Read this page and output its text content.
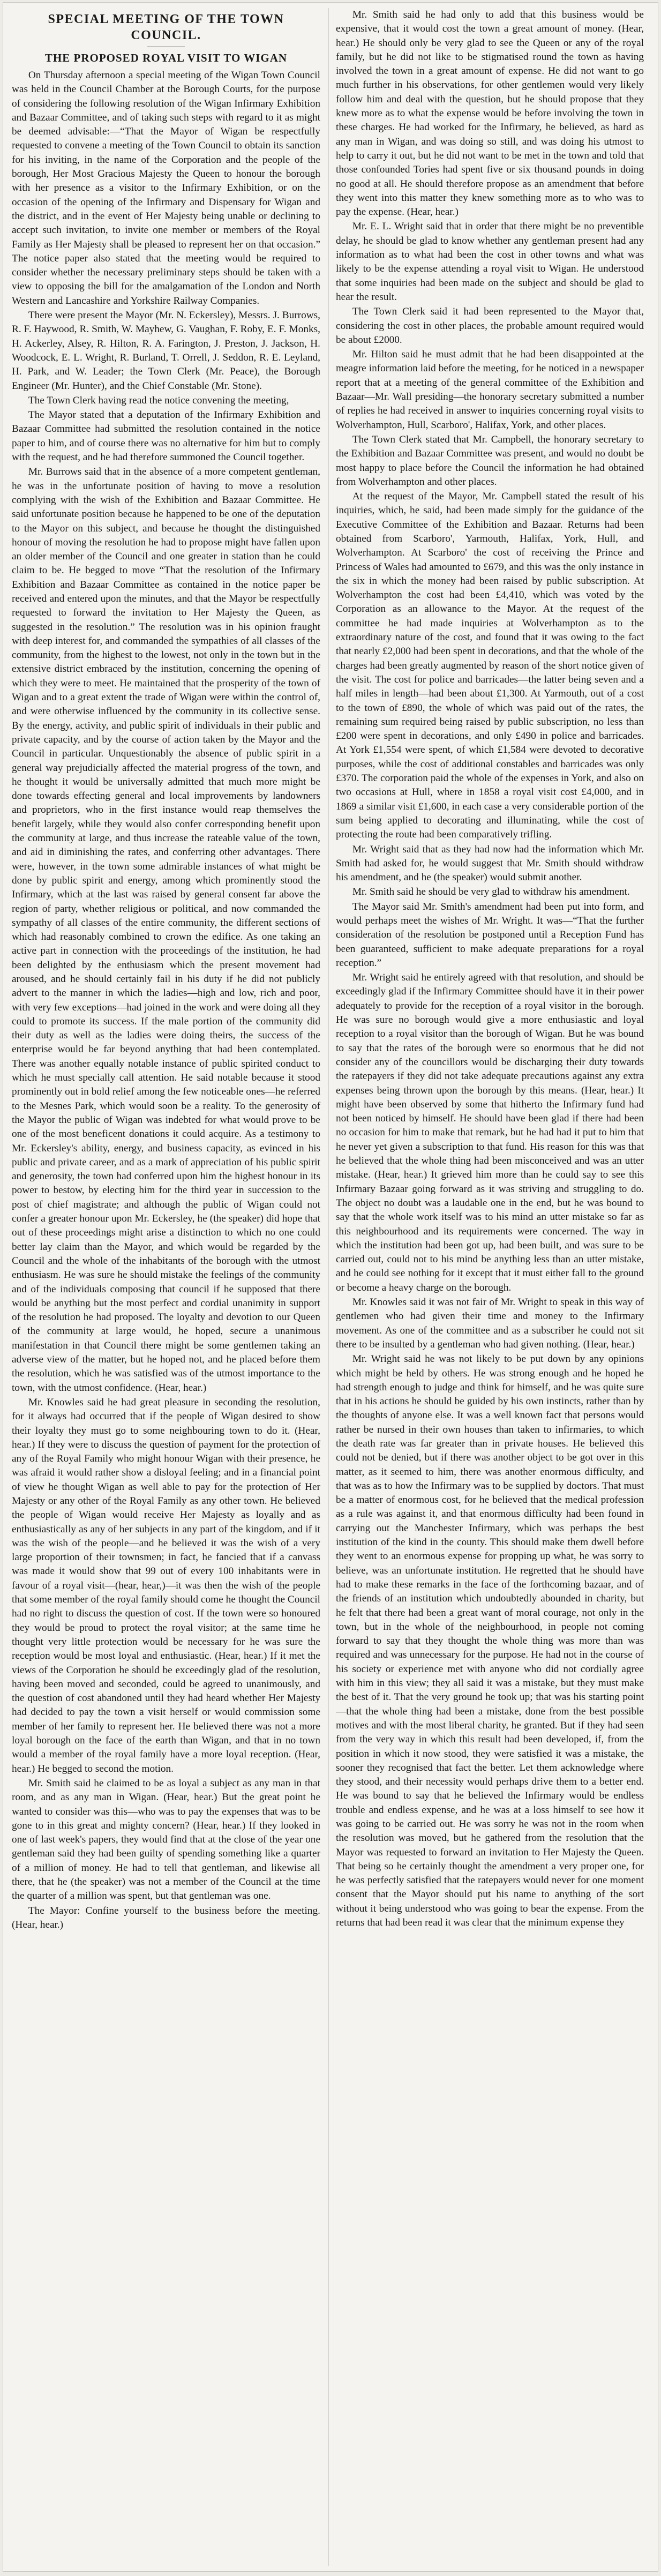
SPECIAL MEETING OF THE TOWN COUNCIL.
THE PROPOSED ROYAL VISIT TO WIGAN

On Thursday afternoon a special meeting of the Wigan Town Council was held in the Council Chamber at the Borough Courts, for the purpose of considering the following resolution of the Wigan Infirmary Exhibition and Bazaar Committee, and of taking such steps with regard to it as might be deemed advisable:—“That the Mayor of Wigan be respectfully requested to convene a meeting of the Town Council to obtain its sanction for his inviting, in the name of the Corporation and the people of the borough, Her Most Gracious Majesty the Queen to honour the borough with her presence as a visitor to the Infirmary Exhibition, or on the occasion of the opening of the Infirmary and Dispensary for Wigan and the district, and in the event of Her Majesty being unable or declining to accept such invitation, to invite one member or members of the Royal Family as Her Majesty shall be pleased to represent her on that occasion.” The notice paper also stated that the meeting would be required to consider whether the necessary preliminary steps should be taken with a view to opposing the bill for the amalgamation of the London and North Western and Lancashire and Yorkshire Railway Companies.

There were present the Mayor (Mr. N. Eckersley), Messrs. J. Burrows, R. F. Haywood, R. Smith, W. Mayhew, G. Vaughan, F. Roby, E. F. Monks, H. Ackerley, Alsey, R. Hilton, R. A. Farington, J. Preston, J. Jackson, H. Woodcock, E. L. Wright, R. Burland, T. Orrell, J. Seddon, R. E. Leyland, H. Park, and W. Leader; the Town Clerk (Mr. Peace), the Borough Engineer (Mr. Hunter), and the Chief Constable (Mr. Stone).

The Town Clerk having read the notice convening the meeting,

The Mayor stated that a deputation of the Infirmary Exhibition and Bazaar Committee had submitted the resolution contained in the notice paper to him, and of course there was no alternative for him but to comply with the request, and he had therefore summoned the Council together.

Mr. Burrows said that in the absence of a more competent gentleman, he was in the unfortunate position of having to move a resolution complying with the wish of the Exhibition and Bazaar Committee. He said unfortunate position because he happened to be one of the deputation to the Mayor on this subject, and because he thought the distinguished honour of moving the resolution he had to propose might have fallen upon an older member of the Council and one greater in station than he could claim to be. He begged to move “That the resolution of the Infirmary Exhibition and Bazaar Committee as contained in the notice paper be received and entered upon the minutes, and that the Mayor be respectfully requested to forward the invitation to Her Majesty the Queen, as suggested in the resolution.” The resolution was in his opinion fraught with deep interest for, and commanded the sympathies of all classes of the community, from the highest to the lowest, not only in the town but in the extensive district embraced by the institution, concerning the opening of which they were to meet. He maintained that the prosperity of the town of Wigan and to a great extent the trade of Wigan were within the control of, and were otherwise influenced by the community in its collective sense. By the energy, activity, and public spirit of individuals in their public and private capacity, and by the course of action taken by the Mayor and the Council in particular. Unquestionably the absence of public spirit in a general way prejudicially affected the material progress of the town, and he thought it would be universally admitted that much more might be done towards effecting general and local improvements by landowners and proprietors, who in the first instance would reap themselves the benefit largely, while they would also confer corresponding benefit upon the community at large, and thus increase the rateable value of the town, and aid in diminishing the rates, and conferring other advantages. There were, however, in the town some admirable instances of what might be done by public spirit and energy, among which prominently stood the Infirmary, which at the last was raised by general consent far above the region of party, whether religious or political, and now commanded the sympathy of all classes of the entire community, the different sections of which had reasonably combined to crown the edifice. As one taking an active part in connection with the proceedings of the institution, he had been delighted by the enthusiasm which the present movement had aroused, and he should certainly fail in his duty if he did not publicly advert to the manner in which the ladies—high and low, rich and poor, with very few exceptions—had joined in the work and were doing all they could to promote its success. If the male portion of the community did their duty as well as the ladies were doing theirs, the success of the enterprise would be far beyond anything that had been contemplated. There was another equally notable instance of public spirited conduct to which he must specially call attention. He said notable because it stood prominently out in bold relief among the few noticeable ones—he referred to the Mesnes Park, which would soon be a reality. To the generosity of the Mayor the public of Wigan was indebted for what would prove to be one of the most beneficent donations it could acquire. As a testimony to Mr. Eckersley's ability, energy, and business capacity, as evinced in his public and private career, and as a mark of appreciation of his public spirit and generosity, the town had conferred upon him the highest honour in its power to bestow, by electing him for the third year in succession to the post of chief magistrate; and although the public of Wigan could not confer a greater honour upon Mr. Eckersley, he (the speaker) did hope that out of these proceedings might arise a distinction to which no one could better lay claim than the Mayor, and which would be regarded by the Council and the whole of the inhabitants of the borough with the utmost enthusiasm. He was sure he should mistake the feelings of the community and of the individuals composing that council if he supposed that there would be anything but the most perfect and cordial unanimity in support of the resolution he had proposed. The loyalty and devotion to our Queen of the community at large would, he hoped, secure a unanimous manifestation in that Council there might be some gentlemen taking an adverse view of the matter, but he hoped not, and he placed before them the resolution, which he was satisfied was of the utmost importance to the town, with the utmost confidence. (Hear, hear.)

Mr. Knowles said he had great pleasure in seconding the resolution, for it always had occurred that if the people of Wigan desired to show their loyalty they must go to some neighbouring town to do it. (Hear, hear.) If they were to discuss the question of payment for the protection of any of the Royal Family who might honour Wigan with their presence, he was afraid it would rather show a disloyal feeling; and in a financial point of view he thought Wigan as well able to pay for the protection of Her Majesty or any other of the Royal Family as any other town. He believed the people of Wigan would receive Her Majesty as loyally and as enthusiastically as any of her subjects in any part of the kingdom, and if it was the wish of the people—and he believed it was the wish of a very large proportion of their townsmen; in fact, he fancied that if a canvass was made it would show that 99 out of every 100 inhabitants were in favour of a royal visit—(hear, hear,)—it was then the wish of the people that some member of the royal family should come he thought the Council had no right to discuss the question of cost. If the town were so honoured they would be proud to protect the royal visitor; at the same time he thought very little protection would be necessary for he was sure the reception would be most loyal and enthusiastic. (Hear, hear.) If it met the views of the Corporation he should be exceedingly glad of the resolution, having been moved and seconded, could be agreed to unanimously, and the question of cost abandoned until they had heard whether Her Majesty had decided to pay the town a visit herself or would commission some member of her family to represent her. He believed there was not a more loyal borough on the face of the earth than Wigan, and that in no town would a member of the royal family have a more loyal reception. (Hear, hear.) He begged to second the motion.

Mr. Smith said he claimed to be as loyal a subject as any man in that room, and as any man in Wigan. (Hear, hear.) But the great point he wanted to consider was this—who was to pay the expenses that was to be gone to in this great and mighty concern? (Hear, hear.) If they looked in one of last week's papers, they would find that at the close of the year one gentleman said they had been guilty of spending something like a quarter of a million of money. He had to tell that gentleman, and likewise all there, that he (the speaker) was not a member of the Council at the time the quarter of a million was spent, but that gentleman was one.

The Mayor: Confine yourself to the business before the meeting. (Hear, hear.)

Mr. Smith said he had only to add that this business would be expensive, that it would cost the town a great amount of money. (Hear, hear.) He should only be very glad to see the Queen or any of the royal family, but he did not like to be stigmatised round the town as having involved the town in a great amount of expense. He did not want to go much further in his observations, for other gentlemen would very likely follow him and deal with the question, but he should propose that they knew more as to what the expense would be before involving the town in these charges. He had worked for the Infirmary, he believed, as hard as any man in Wigan, and was doing so still, and was doing his utmost to help to carry it out, but he did not want to be met in the town and told that those confounded Tories had spent five or six thousand pounds in doing no good at all. He should therefore propose as an amendment that before they went into this matter they knew something more as to who was to pay the expense. (Hear, hear.)

Mr. E. L. Wright said that in order that there might be no preventible delay, he should be glad to know whether any gentleman present had any information as to what had been the cost in other towns and what was likely to be the expense attending a royal visit to Wigan. He understood that some inquiries had been made on the subject and should be glad to hear the result.

The Town Clerk said it had been represented to the Mayor that, considering the cost in other places, the probable amount required would be about £2000.

Mr. Hilton said he must admit that he had been disappointed at the meagre information laid before the meeting, for he noticed in a newspaper report that at a meeting of the general committee of the Exhibition and Bazaar—Mr. Wall presiding—the honorary secretary submitted a number of replies he had received in answer to inquiries concerning royal visits to Wolverhampton, Hull, Scarboro', Halifax, York, and other places.

The Town Clerk stated that Mr. Campbell, the honorary secretary to the Exhibition and Bazaar Committee was present, and would no doubt be most happy to place before the Council the information he had obtained from Wolverhampton and other places.

At the request of the Mayor, Mr. Campbell stated the result of his inquiries, which, he said, had been made simply for the guidance of the Executive Committee of the Exhibition and Bazaar. Returns had been obtained from Scarboro', Yarmouth, Halifax, York, Hull, and Wolverhampton. At Scarboro' the cost of receiving the Prince and Princess of Wales had amounted to £679, and this was the only instance in the six in which the money had been raised by public subscription. At Wolverhampton the cost had been £4,410, which was voted by the Corporation as an allowance to the Mayor. At the request of the committee he had made inquiries at Wolverhampton as to the extraordinary nature of the cost, and found that it was owing to the fact that nearly £2,000 had been spent in decorations, and that the whole of the charges had been greatly augmented by reason of the short notice given of the visit. The cost for police and barricades—the latter being seven and a half miles in length—had been about £1,300. At Yarmouth, out of a cost to the town of £890, the whole of which was paid out of the rates, the remaining sum required being raised by public subscription, no less than £200 were spent in decorations, and only £490 in police and barricades. At York £1,554 were spent, of which £1,584 were devoted to decorative purposes, while the cost of additional constables and barricades was only £370. The corporation paid the whole of the expenses in York, and also on two occasions at Hull, where in 1858 a royal visit cost £4,000, and in 1869 a similar visit £1,600, in each case a very considerable portion of the sum being applied to decorating and illuminating, while the cost of protecting the route had been comparatively trifling.

Mr. Wright said that as they had now had the information which Mr. Smith had asked for, he would suggest that Mr. Smith should withdraw his amendment, and he (the speaker) would submit another.

Mr. Smith said he should be very glad to withdraw his amendment.

The Mayor said Mr. Smith's amendment had been put into form, and would perhaps meet the wishes of Mr. Wright. It was—“That the further consideration of the resolution be postponed until a Reception Fund has been guaranteed, sufficient to make adequate preparations for a royal reception.”

Mr. Wright said he entirely agreed with that resolution, and should be exceedingly glad if the Infirmary Committee should have it in their power adequately to provide for the reception of a royal visitor in the borough. He was sure no borough would give a more enthusiastic and loyal reception to a royal visitor than the borough of Wigan. But he was bound to say that the rates of the borough were so enormous that he did not consider any of the councillors would be discharging their duty towards the ratepayers if they did not take adequate precautions against any extra expenses being thrown upon the borough by this means. (Hear, hear.) It might have been observed by some that hitherto the Infirmary fund had not been noticed by himself. He should have been glad if there had been no occasion for him to make that remark, but he had had it put to him that he never yet given a subscription to that fund. His reason for this was that he believed that the whole thing had been misconceived and was an utter mistake. (Hear, hear.) It grieved him more than he could say to see this Infirmary Bazaar going forward as it was striving and struggling to do. The object no doubt was a laudable one in the end, but he was bound to say that the whole work itself was to his mind an utter mistake so far as this neighbourhood and its requirements were concerned. The way in which the institution had been got up, had been built, and was sure to be carried out, could not to his mind be anything less than an utter mistake, and he could see nothing for it except that it must either fall to the ground or become a heavy charge on the borough.

Mr. Knowles said it was not fair of Mr. Wright to speak in this way of gentlemen who had given their time and money to the Infirmary movement. As one of the committee and as a subscriber he could not sit there to be insulted by a gentleman who had given nothing. (Hear, hear.)

Mr. Wright said he was not likely to be put down by any opinions which might be held by others. He was strong enough and he hoped he had strength enough to judge and think for himself, and he was quite sure that in his actions he should be guided by his own instincts, rather than by the thoughts of anyone else. It was a well known fact that persons would rather be nursed in their own houses than taken to infirmaries, to which the death rate was far greater than in private houses. He believed this could not be denied, but if there was another object to be got over in this matter, as it seemed to him, there was another enormous difficulty, and that was as to how the Infirmary was to be supplied by doctors. That must be a matter of enormous cost, for he believed that the medical profession as a rule was against it, and that enormous difficulty had been found in carrying out the Manchester Infirmary, which was perhaps the best institution of the kind in the county. This should make them dwell before they went to an enormous expense for propping up what, he was sorry to believe, was an unfortunate institution. He regretted that he should have had to make these remarks in the face of the forthcoming bazaar, and of the friends of an institution which undoubtedly abounded in charity, but he felt that there had been a great want of moral courage, not only in the town, but in the whole of the neighbourhood, in people not coming forward to say that they thought the whole thing was more than was required and was unnecessary for the purpose. He had not in the course of his society or experience met with anyone who did not cordially agree with him in this view; they all said it was a mistake, but they must make the best of it. That the very ground he took up; that was his starting point—that the whole thing had been a mistake, done from the best possible motives and with the most liberal charity, he granted. But if they had seen from the very way in which this result had been developed, if, from the position in which it now stood, they were satisfied it was a mistake, the sooner they recognised that fact the better. Let them acknowledge where they stood, and their necessity would perhaps drive them to a better end. He was bound to say that he believed the Infirmary would be endless trouble and endless expense, and he was at a loss himself to see how it was going to be carried out. He was sorry he was not in the room when the resolution was moved, but he gathered from the resolution that the Mayor was requested to forward an invitation to Her Majesty the Queen. That being so he certainly thought the amendment a very proper one, for he was perfectly satisfied that the ratepayers would never for one moment consent that the Mayor should put his name to anything of the sort without it being understood who was going to bear the expense. From the returns that had been read it was clear that the minimum expense they
